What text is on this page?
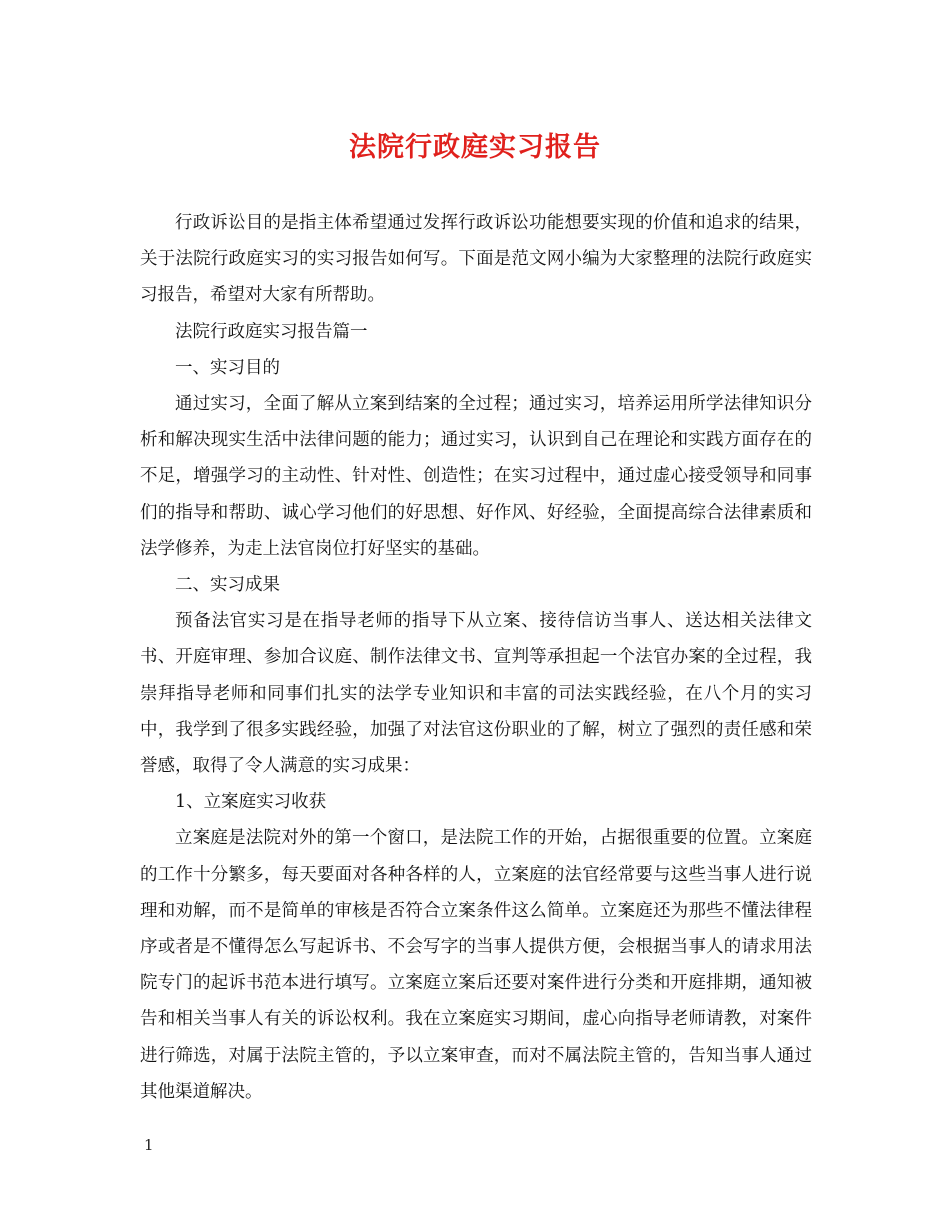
法院行政庭实习报告

行政诉讼目的是指主体希望通过发挥行政诉讼功能想要实现的价值和追求的结果，关于法院行政庭实习的实习报告如何写。下面是范文网小编为大家整理的法院行政庭实习报告，希望对大家有所帮助。

法院行政庭实习报告篇一

一、实习目的

通过实习，全面了解从立案到结案的全过程；通过实习，培养运用所学法律知识分析和解决现实生活中法律问题的能力；通过实习，认识到自己在理论和实践方面存在的不足，增强学习的主动性、针对性、创造性；在实习过程中，通过虚心接受领导和同事们的指导和帮助、诚心学习他们的好思想、好作风、好经验，全面提高综合法律素质和法学修养，为走上法官岗位打好坚实的基础。

二、实习成果

预备法官实习是在指导老师的指导下从立案、接待信访当事人、送达相关法律文书、开庭审理、参加合议庭、制作法律文书、宣判等承担起一个法官办案的全过程，我崇拜指导老师和同事们扎实的法学专业知识和丰富的司法实践经验，在八个月的实习中，我学到了很多实践经验，加强了对法官这份职业的了解，树立了强烈的责任感和荣誉感，取得了令人满意的实习成果：

1、立案庭实习收获

立案庭是法院对外的第一个窗口，是法院工作的开始，占据很重要的位置。立案庭的工作十分繁多，每天要面对各种各样的人，立案庭的法官经常要与这些当事人进行说理和劝解，而不是简单的审核是否符合立案条件这么简单。立案庭还为那些不懂法律程序或者是不懂得怎么写起诉书、不会写字的当事人提供方便，会根据当事人的请求用法院专门的起诉书范本进行填写。立案庭立案后还要对案件进行分类和开庭排期，通知被告和相关当事人有关的诉讼权利。我在立案庭实习期间，虚心向指导老师请教，对案件进行筛选，对属于法院主管的，予以立案审查，而对不属法院主管的，告知当事人通过其他渠道解决。

1
